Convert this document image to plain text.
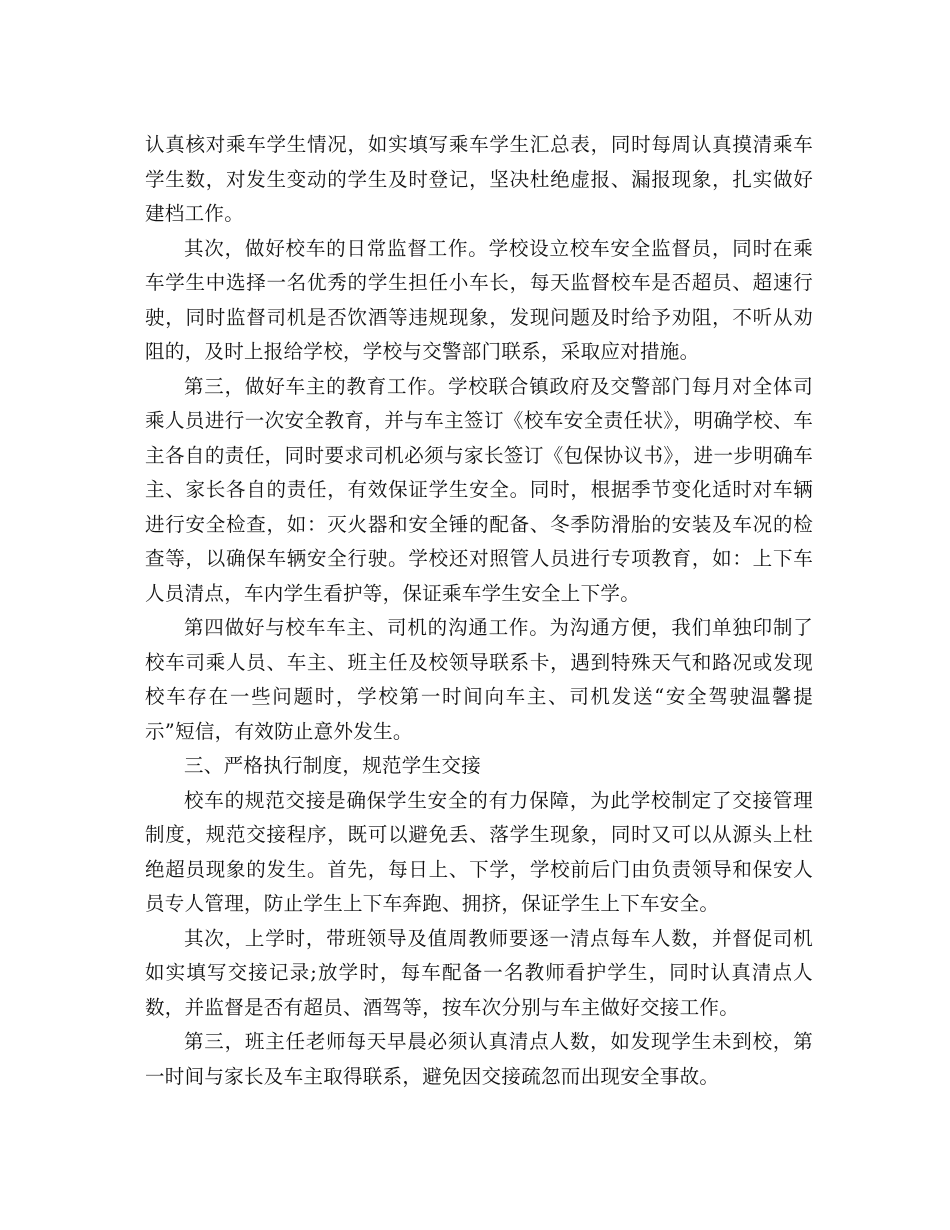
认真核对乘车学生情况，如实填写乘车学生汇总表，同时每周认真摸清乘车学生数，对发生变动的学生及时登记，坚决杜绝虚报、漏报现象，扎实做好建档工作。

其次，做好校车的日常监督工作。学校设立校车安全监督员，同时在乘车学生中选择一名优秀的学生担任小车长，每天监督校车是否超员、超速行驶，同时监督司机是否饮酒等违规现象，发现问题及时给予劝阻，不听从劝阻的，及时上报给学校，学校与交警部门联系，采取应对措施。

第三，做好车主的教育工作。学校联合镇政府及交警部门每月对全体司乘人员进行一次安全教育，并与车主签订《校车安全责任状》，明确学校、车主各自的责任，同时要求司机必须与家长签订《包保协议书》，进一步明确车主、家长各自的责任，有效保证学生安全。同时，根据季节变化适时对车辆进行安全检查，如：灭火器和安全锤的配备、冬季防滑胎的安装及车况的检查等，以确保车辆安全行驶。学校还对照管人员进行专项教育，如：上下车人员清点，车内学生看护等，保证乘车学生安全上下学。

第四做好与校车车主、司机的沟通工作。为沟通方便，我们单独印制了校车司乘人员、车主、班主任及校领导联系卡，遇到特殊天气和路况或发现校车存在一些问题时，学校第一时间向车主、司机发送“安全驾驶温馨提示”短信，有效防止意外发生。

三、严格执行制度，规范学生交接

校车的规范交接是确保学生安全的有力保障，为此学校制定了交接管理制度，规范交接程序，既可以避免丢、落学生现象，同时又可以从源头上杜绝超员现象的发生。首先，每日上、下学，学校前后门由负责领导和保安人员专人管理，防止学生上下车奔跑、拥挤，保证学生上下车安全。

其次，上学时，带班领导及值周教师要逐一清点每车人数，并督促司机如实填写交接记录;放学时，每车配备一名教师看护学生，同时认真清点人数，并监督是否有超员、酒驾等，按车次分别与车主做好交接工作。

第三，班主任老师每天早晨必须认真清点人数，如发现学生未到校，第一时间与家长及车主取得联系，避免因交接疏忽而出现安全事故。
